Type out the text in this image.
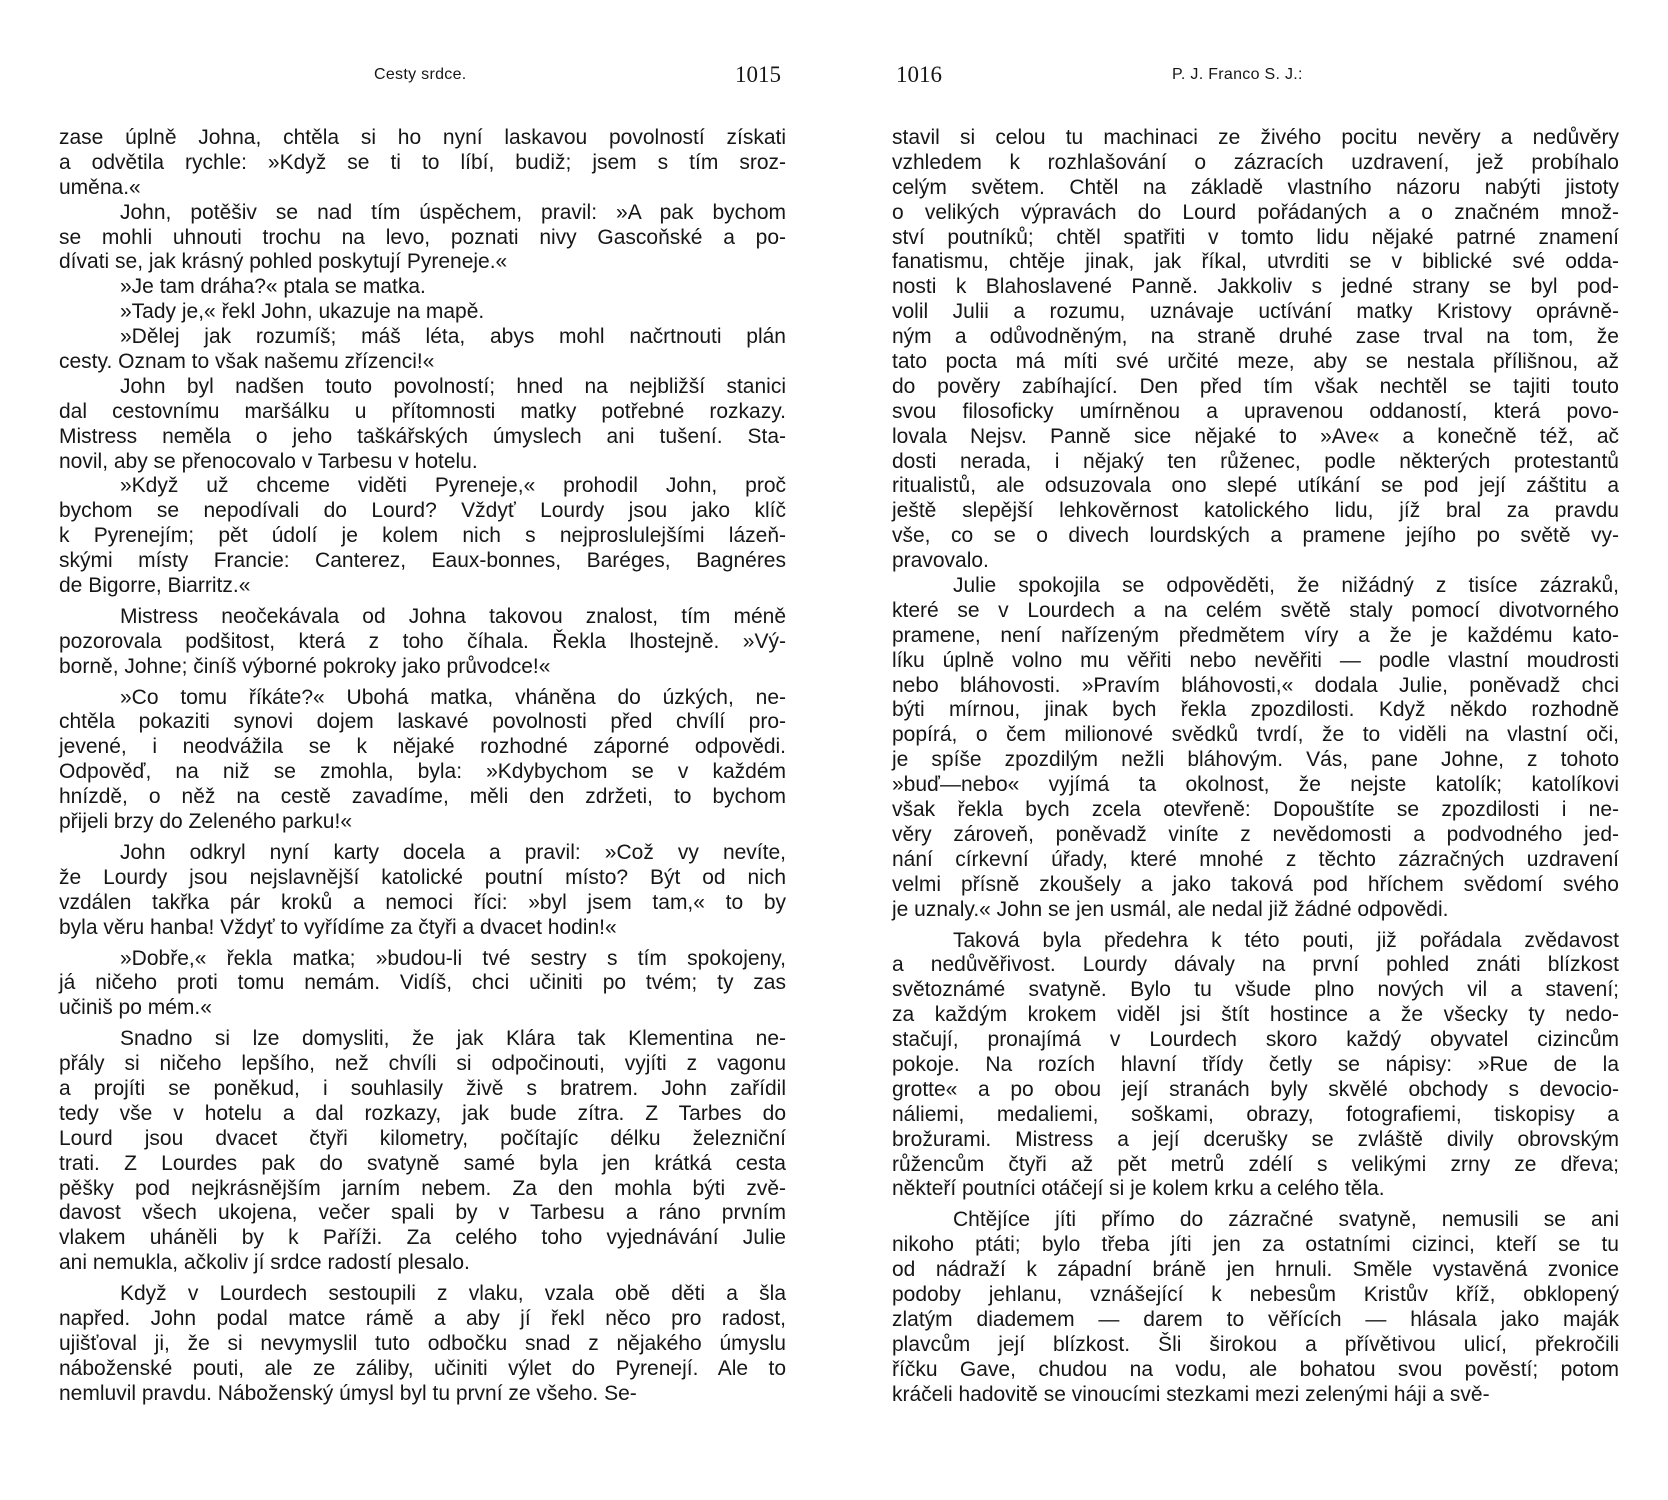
Cesty srdce.	1015
zase úplně Johna, chtěla si ho nyní laskavou povolností získati
a odvětila rychle: »Když se ti to líbí, budiž; jsem s tím sroz-
uměna.«
John, potěšiv se nad tím úspěchem, pravil: »A pak bychom
se mohli uhnouti trochu na levo, poznati nivy Gascoňské a po-
dívati se, jak krásný pohled poskytují Pyreneje.«
»Je tam dráha?« ptala se matka.
»Tady je,« řekl John, ukazuje na mapě.
»Dělej jak rozumíš; máš léta, abys mohl načrtnouti plán
cesty. Oznam to však našemu zřízenci!«
John byl nadšen touto povolností; hned na nejbližší stanici
dal cestovnímu maršálku u přítomnosti matky potřebné rozkazy.
Mistress neměla o jeho taškářských úmyslech ani tušení. Sta-
novil, aby se přenocovalo v Tarbesu v hotelu.
»Když už chceme viděti Pyreneje,« prohodil John, proč
bychom se nepodívali do Lourd? Vždyť Lourdy jsou jako klíč
k Pyrenejím; pět údolí je kolem nich s nejproslulejšími lázeň-
skými místy Francie: Canterez, Eaux-bonnes, Baréges, Bagnéres
de Bigorre, Biarritz.«
Mistress neočekávala od Johna takovou znalost, tím méně
pozorovala podšitost, která z toho číhala. Řekla lhostejně. »Vý-
borně, Johne; činíš výborné pokroky jako průvodce!«
»Co tomu říkáte?« Ubohá matka, vháněna do úzkých, ne-
chtěla pokaziti synovi dojem laskavé povolnosti před chvílí pro-
jevené, i neodvážila se k nějaké rozhodné záporné odpovědi.
Odpověď, na niž se zmohla, byla: »Kdybychom se v každém
hnízdě, o něž na cestě zavadíme, měli den zdržeti, to bychom
přijeli brzy do Zeleného parku!«
John odkryl nyní karty docela a pravil: »Což vy nevíte,
že Lourdy jsou nejslavnější katolické poutní místo? Být od nich
vzdálen takřka pár kroků a nemoci říci: »byl jsem tam,« to by
byla věru hanba! Vždyť to vyřídíme za čtyři a dvacet hodin!«
»Dobře,« řekla matka; »budou-li tvé sestry s tím spokojeny,
já ničeho proti tomu nemám. Vidíš, chci učiniti po tvém; ty zas
učiniš po mém.«
Snadno si lze domysliti, že jak Klára tak Klementina ne-
přály si ničeho lepšího, než chvíli si odpočinouti, vyjíti z vagonu
a projíti se poněkud, i souhlasily živě s bratrem. John zařídil
tedy vše v hotelu a dal rozkazy, jak bude zítra. Z Tarbes do
Lourd jsou dvacet čtyři kilometry, počítajíc délku železniční
trati. Z Lourdes pak do svatyně samé byla jen krátká cesta
pěšky pod nejkrásnějším jarním nebem. Za den mohla býti zvě-
davost všech ukojena, večer spali by v Tarbesu a ráno prvním
vlakem uháněli by k Paříži. Za celého toho vyjednávání Julie
ani nemukla, ačkoliv jí srdce radostí plesalo.
Když v Lourdech sestoupili z vlaku, vzala obě děti a šla
napřed. John podal matce rámě a aby jí řekl něco pro radost,
ujišťoval ji, že si nevymyslil tuto odbočku snad z nějakého úmyslu
náboženské pouti, ale ze záliby, učiniti výlet do Pyrenejí. Ale to
nemluvil pravdu. Náboženský úmysl byl tu první ze všeho. Se-
1016	P. J. Franco S. J.:
stavil si celou tu machinaci ze živého pocitu nevěry a nedůvěry
vzhledem k rozhlašování o zázracích uzdravení, jež probíhalo
celým světem. Chtěl na základě vlastního názoru nabýti jistoty
o velikých výpravách do Lourd pořádaných a o značném množ-
ství poutníků; chtěl spatřiti v tomto lidu nějaké patrné znamení
fanatismu, chtěje jinak, jak říkal, utvrditi se v biblické své odda-
nosti k Blahoslavené Panně. Jakkoliv s jedné strany se byl pod-
volil Julii a rozumu, uznávaje uctívání matky Kristovy oprávně-
ným a odůvodněným, na straně druhé zase trval na tom, že
tato pocta má míti své určité meze, aby se nestala přílišnou, až
do pověry zabíhající. Den před tím však nechtěl se tajiti touto
svou filosoficky umírněnou a upravenou oddaností, která povo-
lovala Nejsv. Panně sice nějaké to »Ave« a konečně též, ač
dosti nerada, i nějaký ten růženec, podle některých protestantů
ritualistů, ale odsuzovala ono slepé utíkání se pod její záštitu a
ještě slepější lehkověrnost katolického lidu, jíž bral za pravdu
vše, co se o divech lourdských a pramene jejího po světě vy-
pravovalo.
Julie spokojila se odpověděti, že nižádný z tisíce zázraků,
které se v Lourdech a na celém světě staly pomocí divotvorného
pramene, není nařízeným předmětem víry a že je každému kato-
líku úplně volno mu věřiti nebo nevěřiti — podle vlastní moudrosti
nebo bláhovosti. »Pravím bláhovosti,« dodala Julie, poněvadž chci
býti mírnou, jinak bych řekla zpozdilosti. Když někdo rozhodně
popírá, o čem milionové svědků tvrdí, že to viděli na vlastní oči,
je spíše zpozdilým nežli bláhovým. Vás, pane Johne, z tohoto
»buď—nebo« vyjímá ta okolnost, že nejste katolík; katolíkovi
však řekla bych zcela otevřeně: Dopouštíte se zpozdilosti i ne-
věry zároveň, poněvadž viníte z nevědomosti a podvodného jed-
nání církevní úřady, které mnohé z těchto zázračných uzdravení
velmi přísně zkoušely a jako taková pod hříchem svědomí svého
je uznaly.« John se jen usmál, ale nedal již žádné odpovědi.
Taková byla předehra k této pouti, již pořádala zvědavost
a nedůvěřivost. Lourdy dávaly na první pohled znáti blízkost
světoznámé svatyně. Bylo tu všude plno nových vil a stavení;
za každým krokem viděl jsi štít hostince a že všecky ty nedo-
stačují, pronajímá v Lourdech skoro každý obyvatel cizincům
pokoje. Na rozích hlavní třídy četly se nápisy: »Rue de la
grotte« a po obou její stranách byly skvělé obchody s devocio-
náliemi, medaliemi, soškami, obrazy, fotografiemi, tiskopisy a
brožurami. Mistress a její dcerušky se zvláště divily obrovským
růžencům čtyři až pět metrů zdélí s velikými zrny ze dřeva;
někteří poutníci otáčejí si je kolem krku a celého těla.
Chtějíce jíti přímo do zázračné svatyně, nemusili se ani
nikoho ptáti; bylo třeba jíti jen za ostatními cizinci, kteří se tu
od nádraží k západní bráně jen hrnuli. Směle vystavěná zvonice
podoby jehlanu, vznášející k nebesům Kristův kříž, obklopený
zlatým diademem — darem to věřících — hlásala jako maják
plavcům její blízkost. Šli širokou a přívětivou ulicí, překročili
říčku Gave, chudou na vodu, ale bohatou svou pověstí; potom
kráčeli hadovitě se vinoucími stezkami mezi zelenými háji a svě-
